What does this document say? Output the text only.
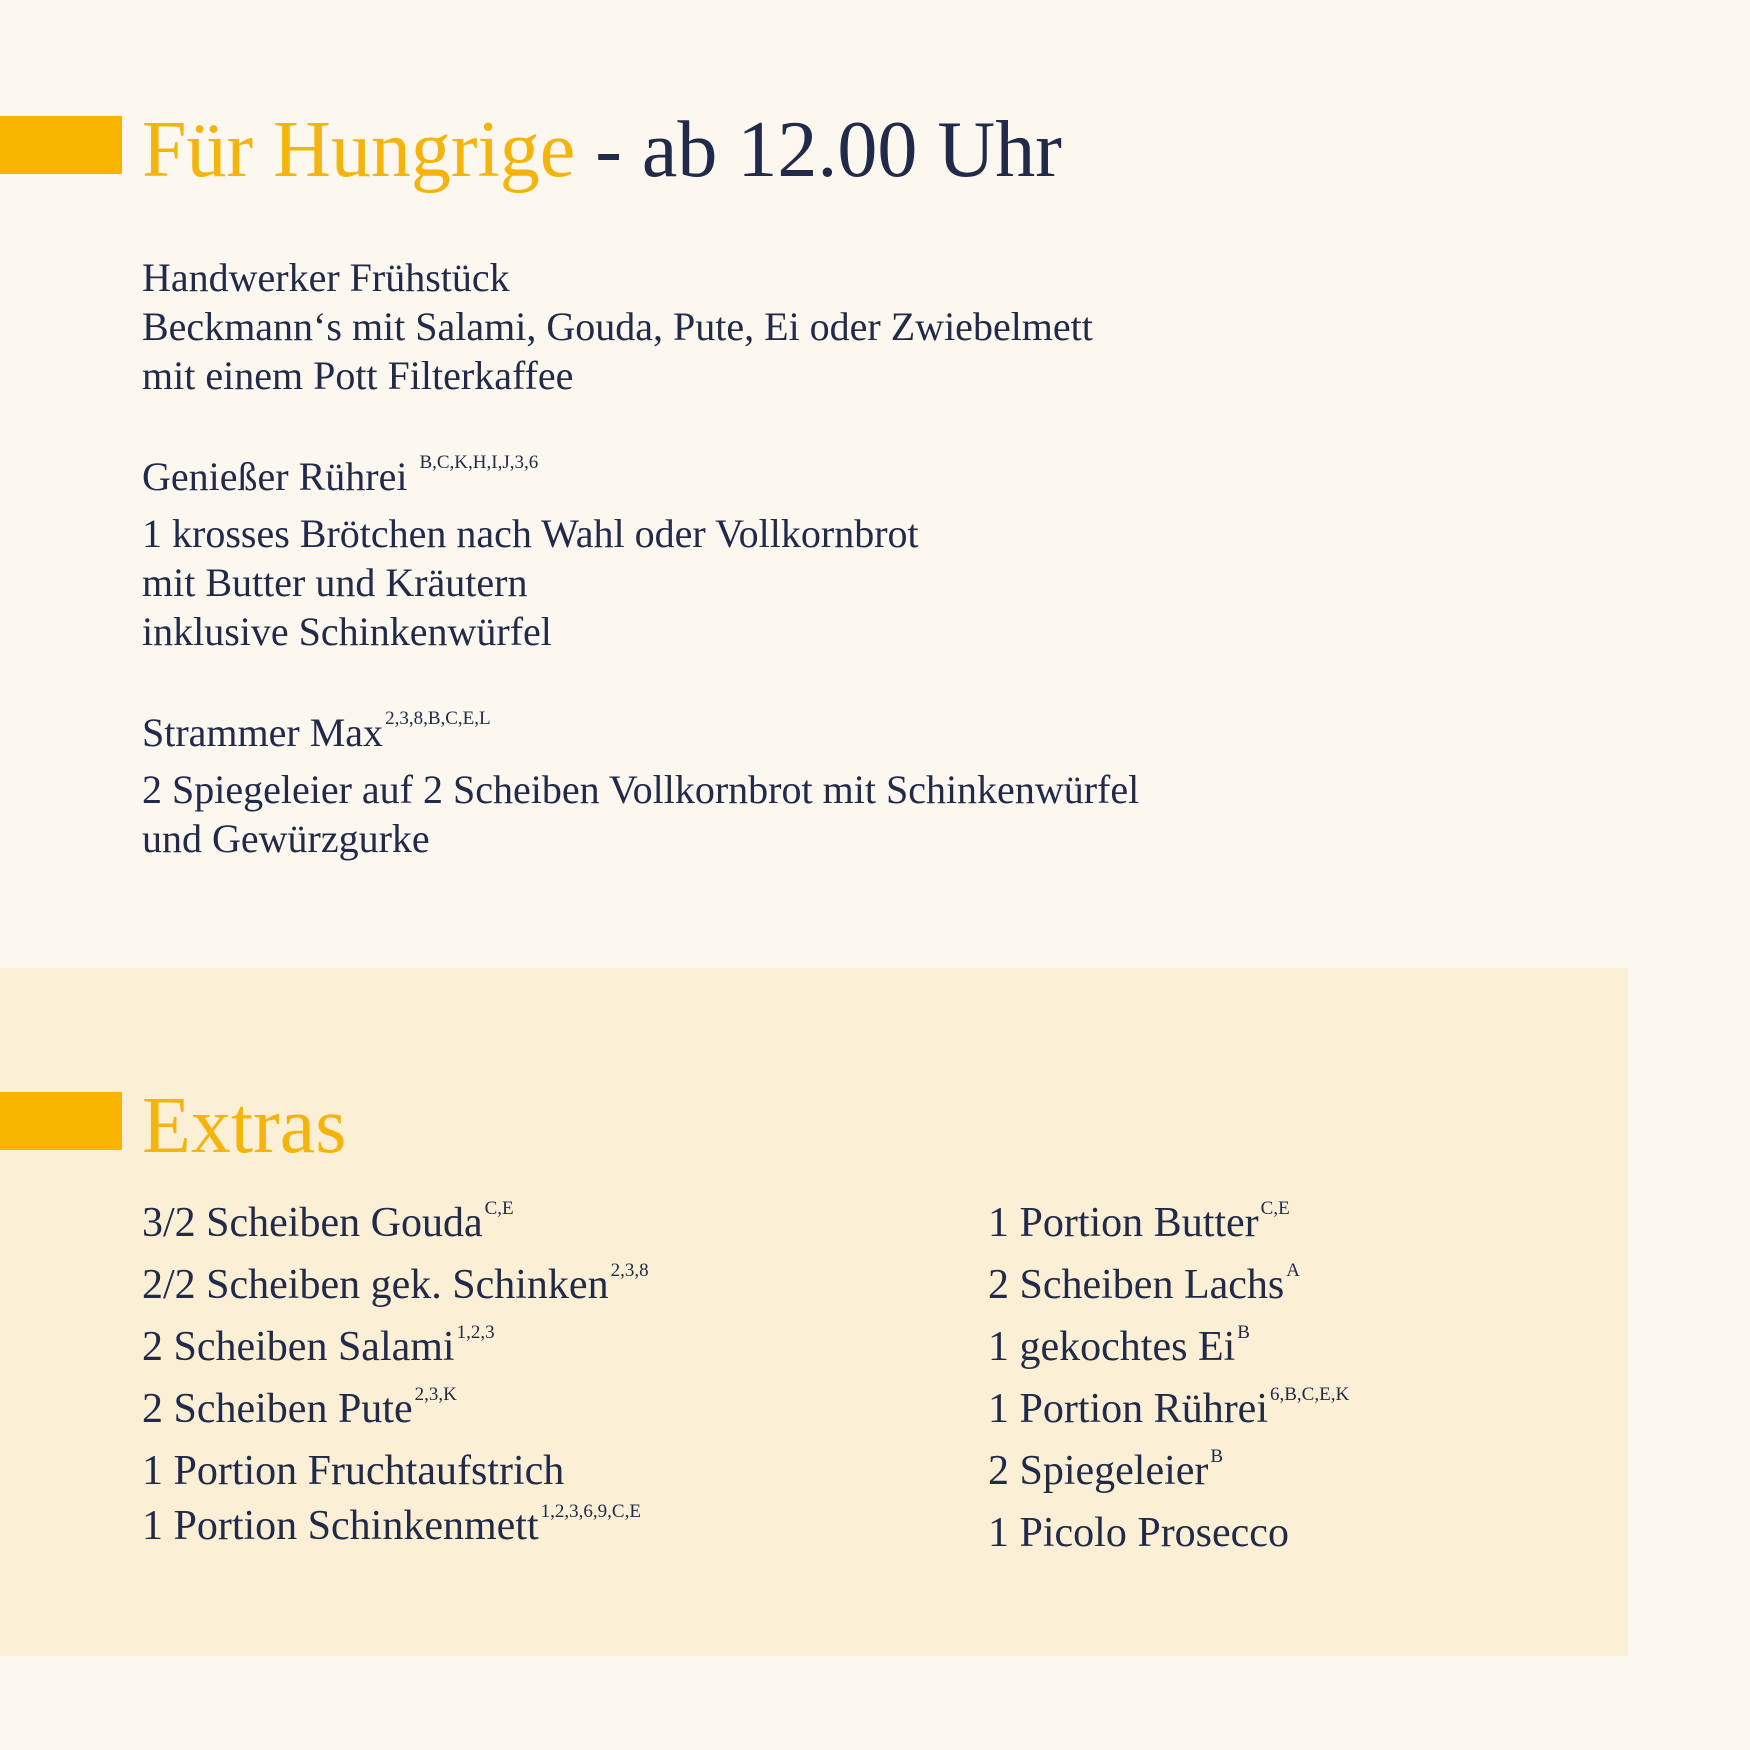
Für Hungrige - ab 12.00 Uhr
Handwerker Frühstück
Beckmann‘s mit Salami, Gouda, Pute, Ei oder Zwiebelmett
mit einem Pott Filterkaffee
Genießer Rührei $^{B,C,K,H,I,J,3,6}$
1 krosses Brötchen nach Wahl oder Vollkornbrot
mit Butter und Kräutern
inklusive Schinkenwürfel
Strammer Max $^{2,3,8,B,C,E,L}$
2 Spiegeleier auf 2 Scheiben Vollkornbrot mit Schinkenwürfel
und Gewürzgurke
Extras
3/2 Scheiben Gouda $^{C,E}$
2/2 Scheiben gek. Schinken $^{2,3,8}$
2 Scheiben Salami $^{1,2,3}$
2 Scheiben Pute $^{2,3,K}$
1 Portion Fruchtaufstrich
1 Portion Schinkenmett $^{1,2,3,6,9,C,E}$
1 Portion Butter $^{C,E}$
2 Scheiben Lachs $^A$
1 gekochtes Ei $^B$
1 Portion Rührei $^{6,B,C,E,K}$
2 Spiegeleier $^B$
1 Picolo Prosecco
